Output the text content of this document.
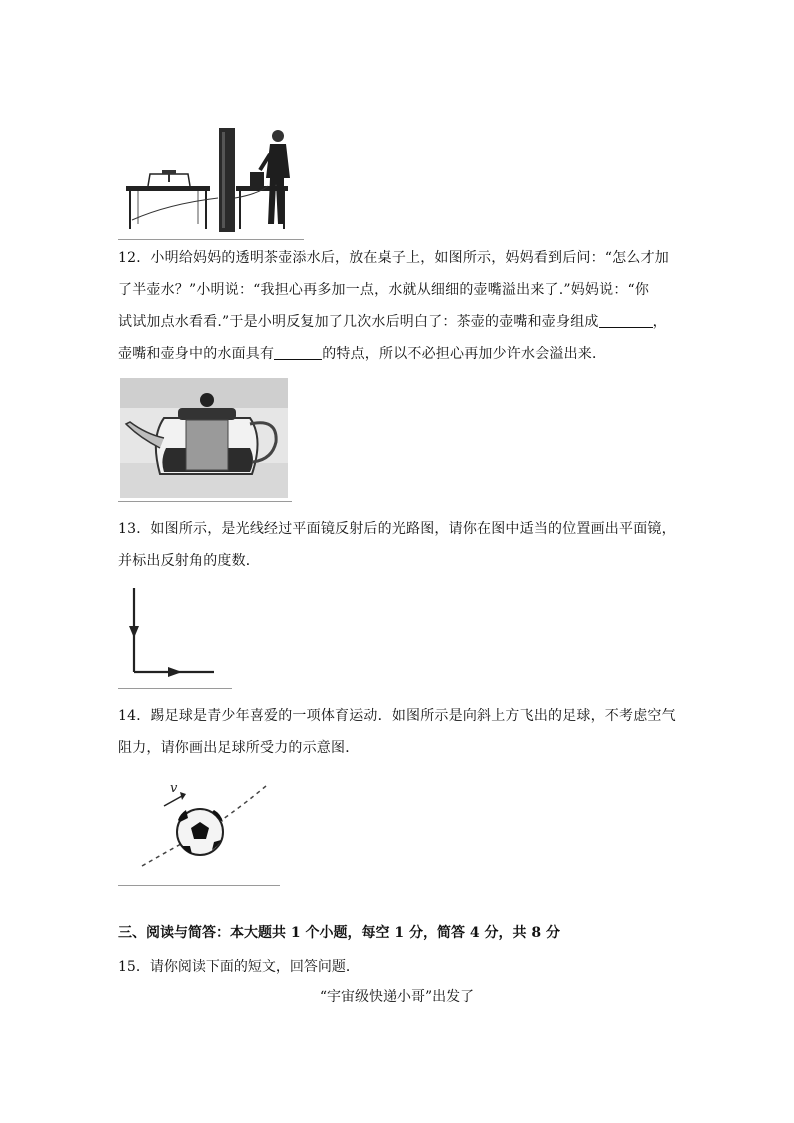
12．小明给妈妈的透明茶壶添水后，放在桌子上，如图所示，妈妈看到后问：“怎么才加
了半壶水？”小明说：“我担心再多加一点，水就从细细的壶嘴溢出来了.”妈妈说：“你
试试加点水看看.”于是小明反复加了几次水后明白了：茶壶的壶嘴和壶身组成	，
壶嘴和壶身中的水面具有	的特点，所以不必担心再加少许水会溢出来．
13．如图所示，是光线经过平面镜反射后的光路图，请你在图中适当的位置画出平面镜，
并标出反射角的度数．
14．踢足球是青少年喜爱的一项体育运动．如图所示是向斜上方飞出的足球，不考虑空气
阻力，请你画出足球所受力的示意图．
v
三、阅读与简答：本大题共 1 个小题，每空 1 分，简答 4 分，共 8 分
15．请你阅读下面的短文，回答问题．
“宇宙级快递小哥”出发了
